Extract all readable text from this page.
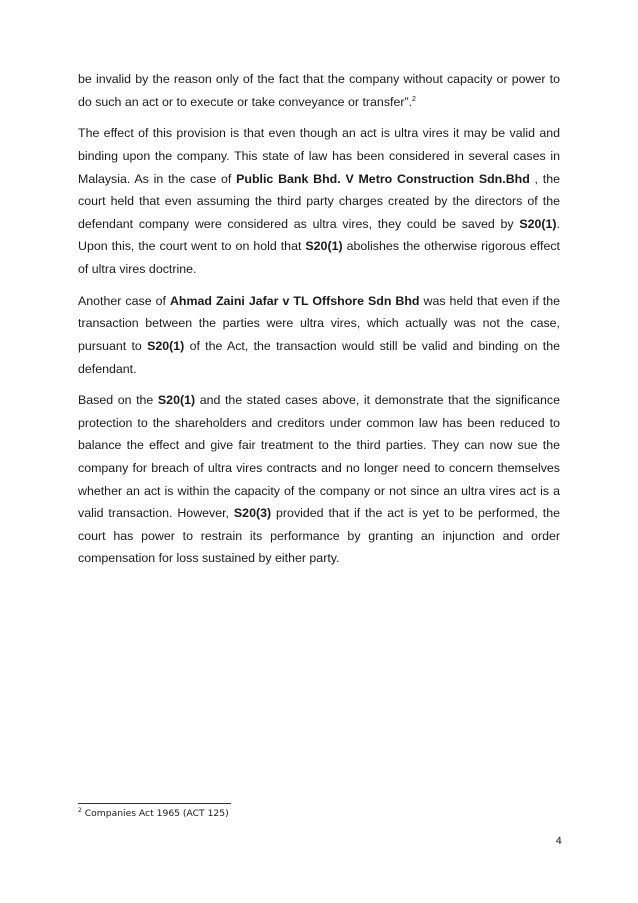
be invalid by the reason only of the fact that the company without capacity or power to do such an act or to execute or take conveyance or transfer”.$^2$

The effect of this provision is that even though an act is ultra vires it may be valid and binding upon the company. This state of law has been considered in several cases in Malaysia. As in the case of Public Bank Bhd. V Metro Construction Sdn.Bhd , the court held that even assuming the third party charges created by the directors of the defendant company were considered as ultra vires, they could be saved by S20(1). Upon this, the court went to on hold that S20(1) abolishes the otherwise rigorous effect of ultra vires doctrine.

Another case of Ahmad Zaini Jafar v TL Offshore Sdn Bhd was held that even if the transaction between the parties were ultra vires, which actually was not the case, pursuant to S20(1) of the Act, the transaction would still be valid and binding on the defendant.

Based on the S20(1) and the stated cases above, it demonstrate that the significance protection to the shareholders and creditors under common law has been reduced to balance the effect and give fair treatment to the third parties. They can now sue the company for breach of ultra vires contracts and no longer need to concern themselves whether an act is within the capacity of the company or not since an ultra vires act is a valid transaction. However, S20(3) provided that if the act is yet to be performed, the court has power to restrain its performance by granting an injunction and order compensation for loss sustained by either party.

$^2$ Companies Act 1965 (ACT 125)
4
